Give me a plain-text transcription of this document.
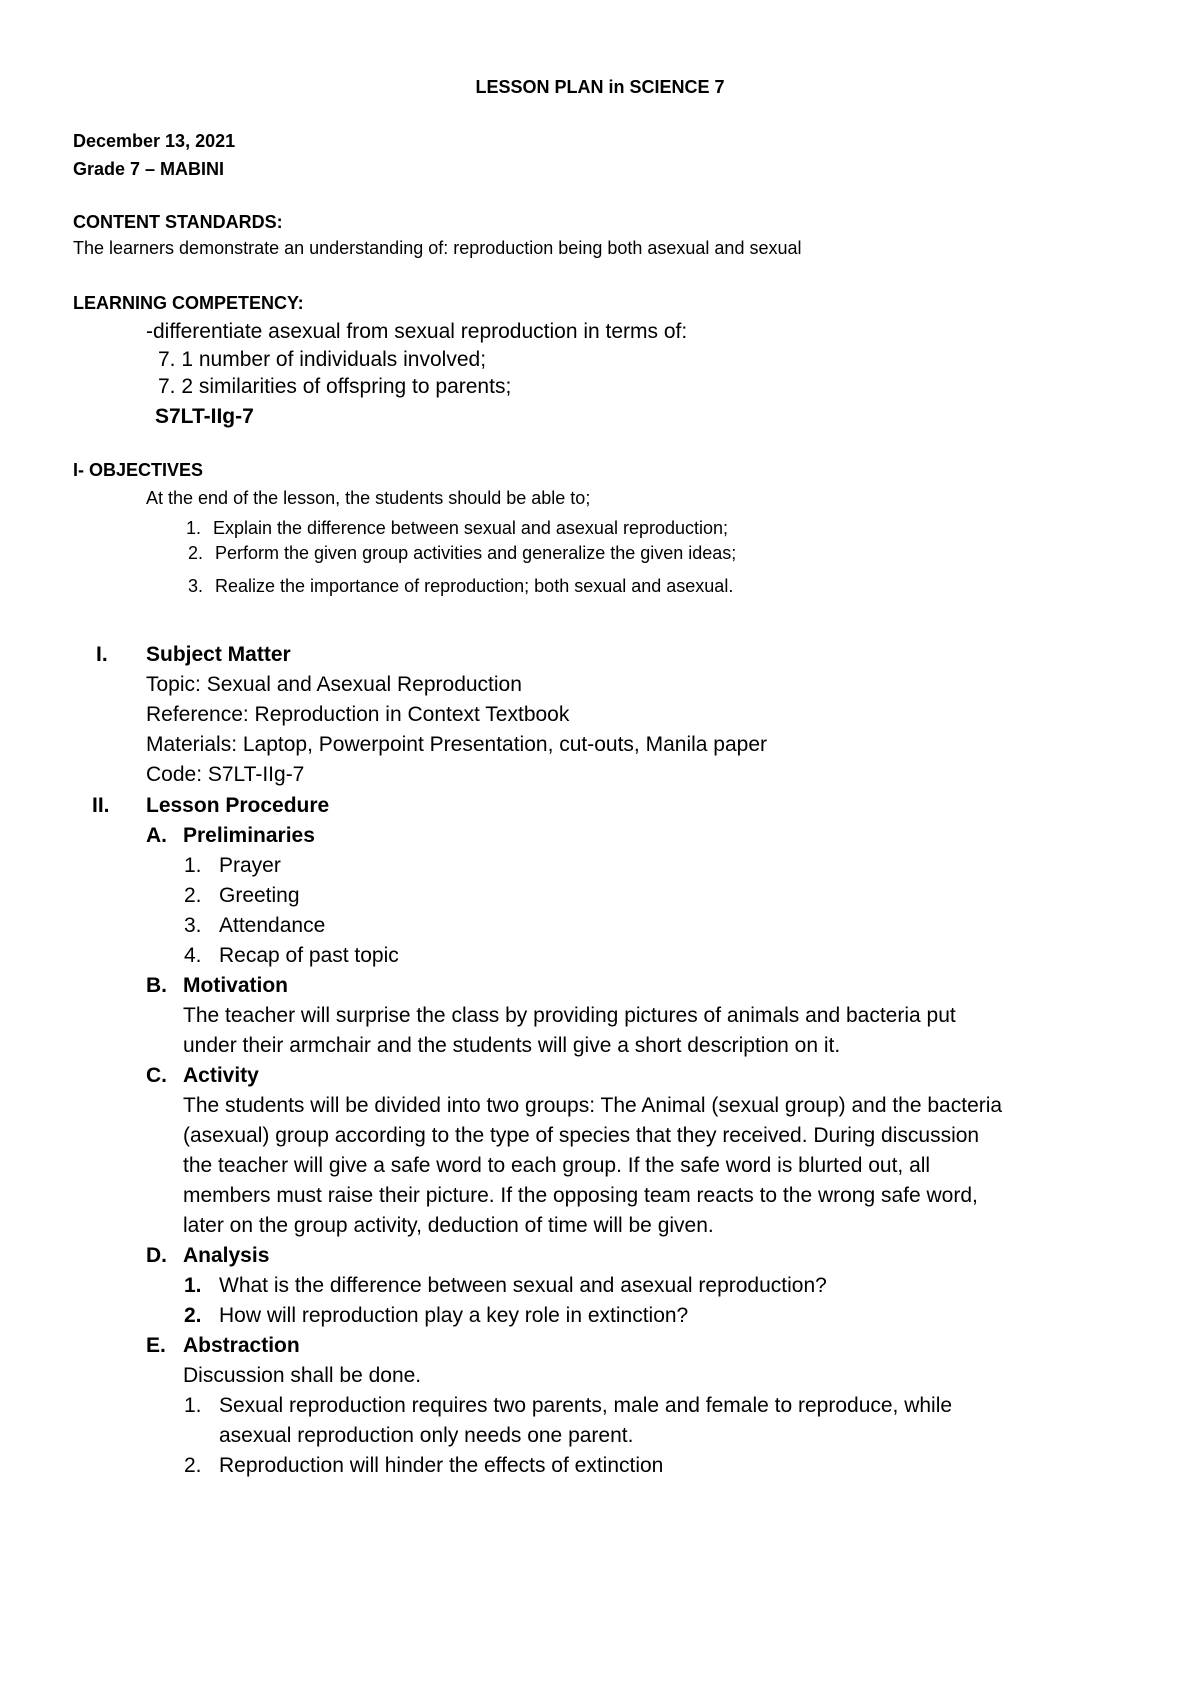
LESSON PLAN in SCIENCE 7
December 13, 2021
Grade 7 – MABINI
CONTENT STANDARDS:
The learners demonstrate an understanding of: reproduction being both asexual and sexual
LEARNING COMPETENCY:
-differentiate asexual from sexual reproduction in terms of:
7. 1 number of individuals involved;
7. 2 similarities of offspring to parents;
S7LT-IIg-7
I- OBJECTIVES
At the end of the lesson, the students should be able to;
1. Explain the difference between sexual and asexual reproduction;
2. Perform the given group activities and generalize the given ideas;
3. Realize the importance of reproduction; both sexual and asexual.
I. Subject Matter
Topic: Sexual and Asexual Reproduction
Reference: Reproduction in Context Textbook
Materials: Laptop, Powerpoint Presentation, cut-outs, Manila paper
Code: S7LT-IIg-7
II. Lesson Procedure
A. Preliminaries
1. Prayer
2. Greeting
3. Attendance
4. Recap of past topic
B. Motivation
The teacher will surprise the class by providing pictures of animals and bacteria put
under their armchair and the students will give a short description on it.
C. Activity
The students will be divided into two groups: The Animal (sexual group) and the bacteria
(asexual) group according to the type of species that they received. During discussion
the teacher will give a safe word to each group. If the safe word is blurted out, all
members must raise their picture. If the opposing team reacts to the wrong safe word,
later on the group activity, deduction of time will be given.
D. Analysis
1. What is the difference between sexual and asexual reproduction?
2. How will reproduction play a key role in extinction?
E. Abstraction
Discussion shall be done.
1. Sexual reproduction requires two parents, male and female to reproduce, while
asexual reproduction only needs one parent.
2. Reproduction will hinder the effects of extinction
